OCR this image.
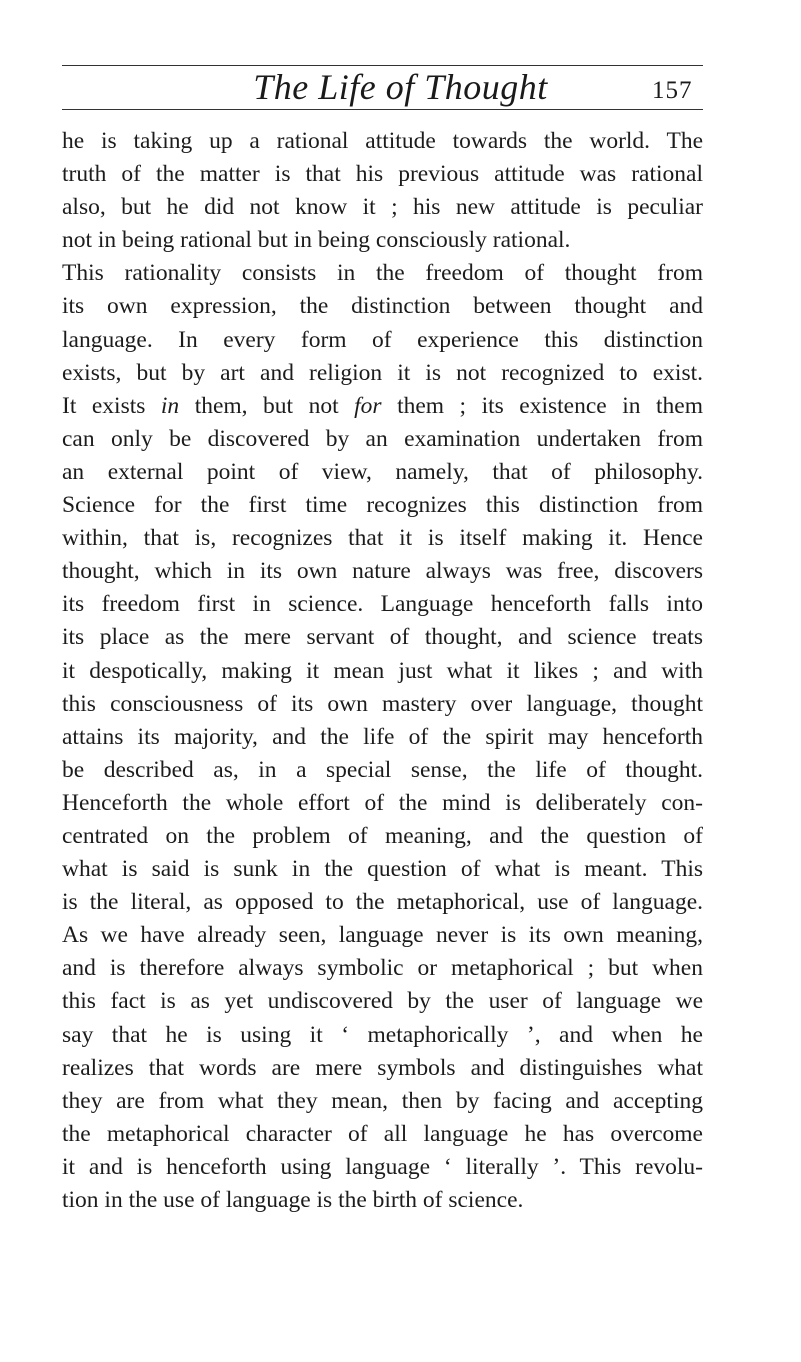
The Life of Thought	157
he is taking up a rational attitude towards the world. The
truth of the matter is that his previous attitude was rational
also, but he did not know it ; his new attitude is peculiar
not in being rational but in being consciously rational.
This rationality consists in the freedom of thought from
its own expression, the distinction between thought and
language. In every form of experience this distinction
exists, but by art and religion it is not recognized to exist.
It exists in them, but not for them ; its existence in them
can only be discovered by an examination undertaken from
an external point of view, namely, that of philosophy.
Science for the first time recognizes this distinction from
within, that is, recognizes that it is itself making it. Hence
thought, which in its own nature always was free, discovers
its freedom first in science. Language henceforth falls into
its place as the mere servant of thought, and science treats
it despotically, making it mean just what it likes ; and with
this consciousness of its own mastery over language, thought
attains its majority, and the life of the spirit may henceforth
be described as, in a special sense, the life of thought.
Henceforth the whole effort of the mind is deliberately con-
centrated on the problem of meaning, and the question of
what is said is sunk in the question of what is meant. This
is the literal, as opposed to the metaphorical, use of language.
As we have already seen, language never is its own meaning,
and is therefore always symbolic or metaphorical ; but when
this fact is as yet undiscovered by the user of language we
say that he is using it ‘ metaphorically ’, and when he
realizes that words are mere symbols and distinguishes what
they are from what they mean, then by facing and accepting
the metaphorical character of all language he has overcome
it and is henceforth using language ‘ literally ’. This revolu-
tion in the use of language is the birth of science.
